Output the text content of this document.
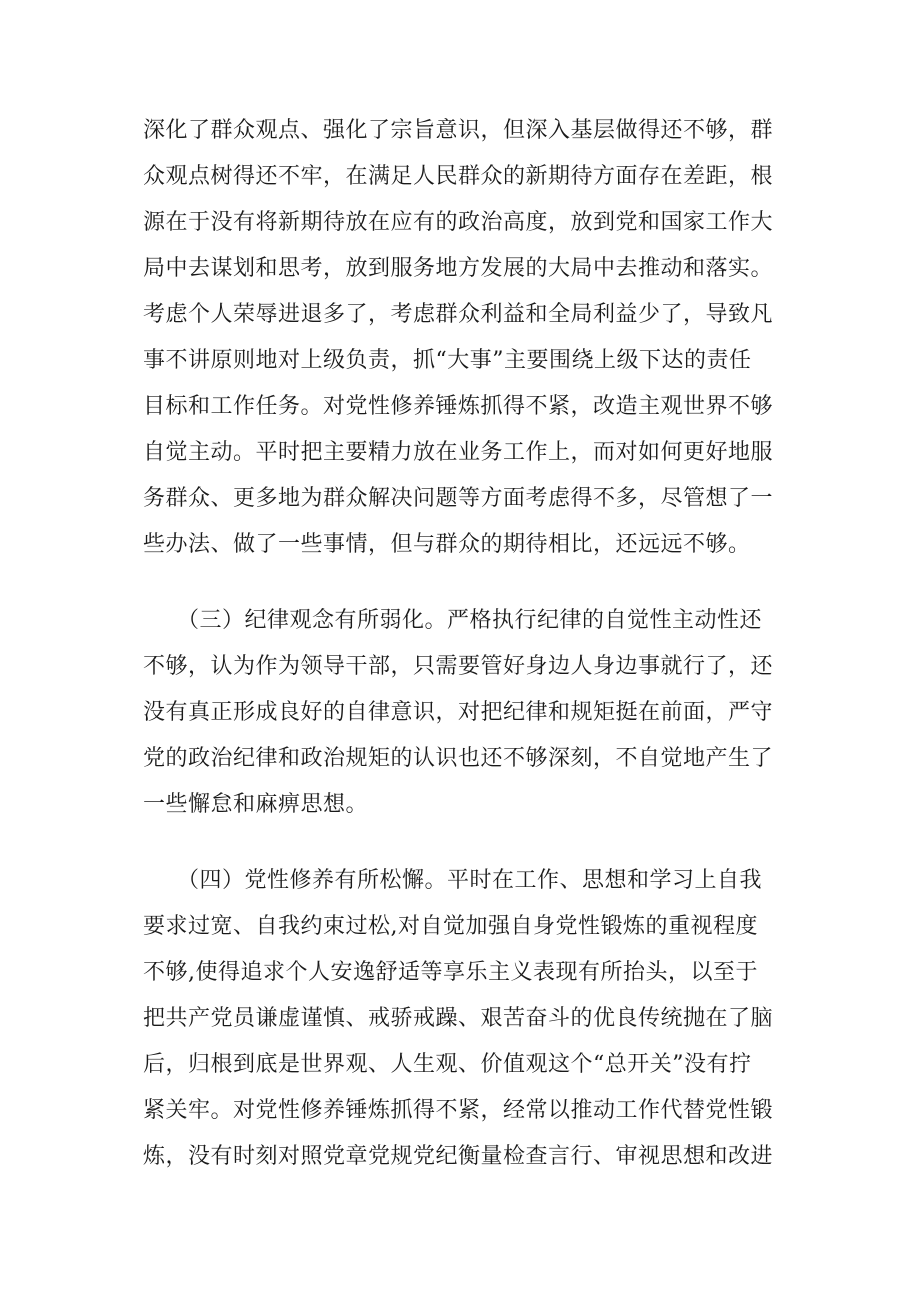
深化了群众观点、强化了宗旨意识，但深入基层做得还不够，群
众观点树得还不牢，在满足人民群众的新期待方面存在差距，根
源在于没有将新期待放在应有的政治高度，放到党和国家工作大
局中去谋划和思考，放到服务地方发展的大局中去推动和落实。
考虑个人荣辱进退多了，考虑群众利益和全局利益少了，导致凡
事不讲原则地对上级负责，抓“大事”主要围绕上级下达的责任
目标和工作任务。对党性修养锤炼抓得不紧，改造主观世界不够
自觉主动。平时把主要精力放在业务工作上，而对如何更好地服
务群众、更多地为群众解决问题等方面考虑得不多，尽管想了一
些办法、做了一些事情，但与群众的期待相比，还远远不够。
　　（三）纪律观念有所弱化。严格执行纪律的自觉性主动性还
不够，认为作为领导干部，只需要管好身边人身边事就行了，还
没有真正形成良好的自律意识，对把纪律和规矩挺在前面，严守
党的政治纪律和政治规矩的认识也还不够深刻，不自觉地产生了
一些懈怠和麻痹思想。
　　（四）党性修养有所松懈。平时在工作、思想和学习上自我
要求过宽、自我约束过松,对自觉加强自身党性锻炼的重视程度
不够,使得追求个人安逸舒适等享乐主义表现有所抬头，以至于
把共产党员谦虚谨慎、戒骄戒躁、艰苦奋斗的优良传统抛在了脑
后，归根到底是世界观、人生观、价值观这个“总开关”没有拧
紧关牢。对党性修养锤炼抓得不紧，经常以推动工作代替党性锻
炼，没有时刻对照党章党规党纪衡量检查言行、审视思想和改进
